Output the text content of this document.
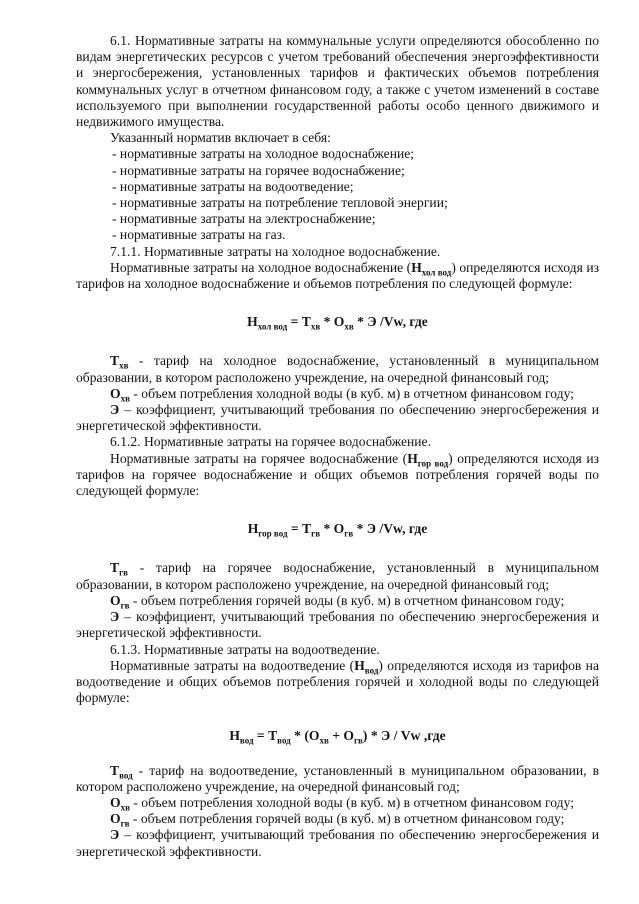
6.1. Нормативные затраты на коммунальные услуги определяются обособленно по видам энергетических ресурсов с учетом требований обеспечения энергоэффективности и энергосбережения, установленных тарифов и фактических объемов потребления коммунальных услуг в отчетном финансовом году, а также с учетом изменений в составе используемого при выполнении государственной работы особо ценного движимого и недвижимого имущества.

Указанный норматив включает в себя:

- нормативные затраты на холодное водоснабжение;

- нормативные затраты на горячее водоснабжение;

- нормативные затраты на водоотведение;

- нормативные затраты на потребление тепловой энергии;

- нормативные затраты на электроснабжение;

- нормативные затраты на газ.

7.1.1. Нормативные затраты на холодное водоснабжение.

Нормативные затраты на холодное водоснабжение $(Н_{хол вод})$ определяются исходя из тарифов на холодное водоснабжение и объемов потребления по следующей формуле:

$Н_{хол вод} = Т_{хв} * О_{хв} * Э$ /Vw, где

$Т_{хв}$ - тариф на холодное водоснабжение, установленный в муниципальном образовании, в котором расположено учреждение, на очередной финансовый год;

$О_{хв}$ - объем потребления холодной воды (в куб. м) в отчетном финансовом году;

Э – коэффициент, учитывающий требования по обеспечению энергосбережения и энергетической эффективности.

6.1.2. Нормативные затраты на горячее водоснабжение.

Нормативные затраты на горячее водоснабжение $(Н_{гор вод})$ определяются исходя из тарифов на горячее водоснабжение и общих объемов потребления горячей воды по следующей формуле:

$Н_{гор вод} = Т_{гв} * О_{гв} * Э$ /Vw, где

$Т_{гв}$ - тариф на горячее водоснабжение, установленный в муниципальном образовании, в котором расположено учреждение, на очередной финансовый год;

$О_{гв}$ - объем потребления горячей воды (в куб. м) в отчетном финансовом году;

Э – коэффициент, учитывающий требования по обеспечению энергосбережения и энергетической эффективности.

6.1.3. Нормативные затраты на водоотведение.

Нормативные затраты на водоотведение $(Н_{вод})$ определяются исходя из тарифов на водоотведение и общих объемов потребления горячей и холодной воды по следующей формуле:

$Н_{вод} = Т_{вод} * (О_{хв} + О_{гв}) * Э / Vw$ ,где

$Т_{вод}$ - тариф на водоотведение, установленный в муниципальном образовании, в котором расположено учреждение, на очередной финансовый год;

$О_{хв}$ - объем потребления холодной воды (в куб. м) в отчетном финансовом году;

$О_{гв}$ - объем потребления горячей воды (в куб. м) в отчетном финансовом году;

Э – коэффициент, учитывающий требования по обеспечению энергосбережения и энергетической эффективности.
